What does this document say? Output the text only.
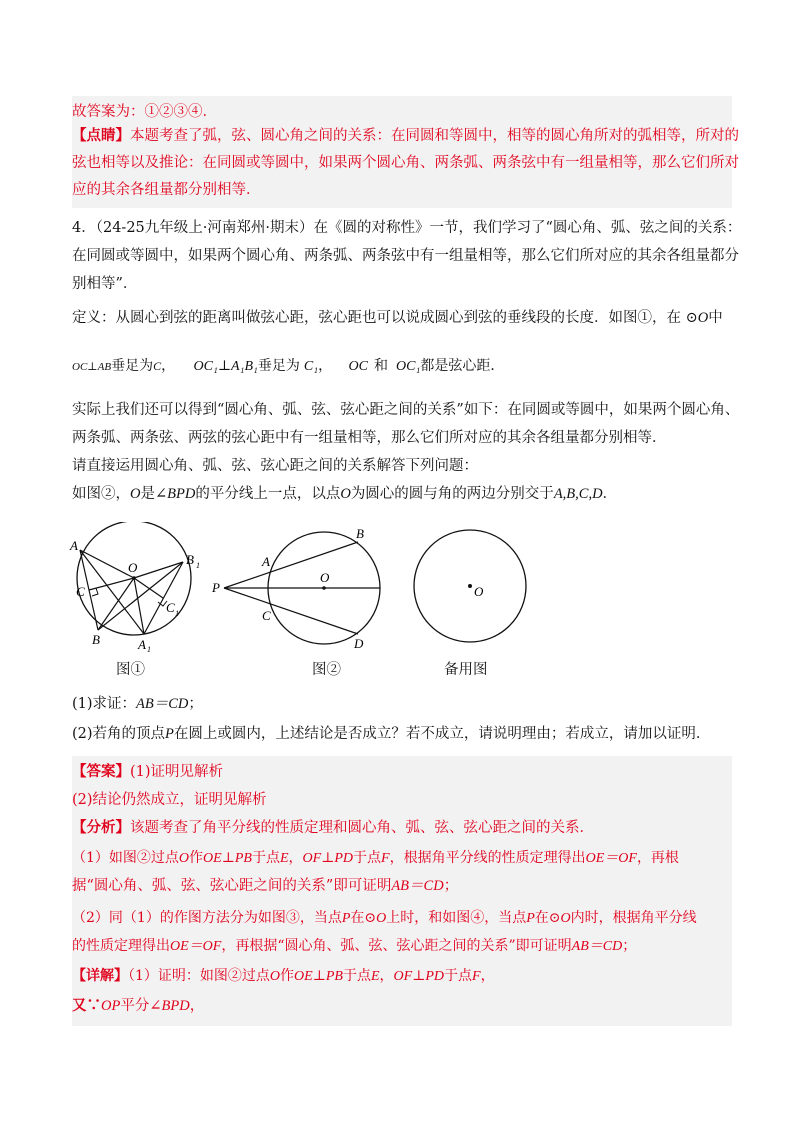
故答案为：①②③④．
【点睛】本题考查了弧，弦、圆心角之间的关系：在同圆和等圆中，相等的圆心角所对的弧相等，所对的
弦也相等以及推论：在同圆或等圆中，如果两个圆心角、两条弧、两条弦中有一组量相等，那么它们所对
应的其余各组量都分别相等．
4．（24-25九年级上·河南郑州·期末）在《圆的对称性》一节，我们学习了“圆心角、弧、弦之间的关系：
在同圆或等圆中，如果两个圆心角、两条弧、两条弦中有一组量相等，那么它们所对应的其余各组量都分
别相等”．
定义：从圆心到弦的距离叫做弦心距，弦心距也可以说成圆心到弦的垂线段的长度．如图①，在 ⊙O中
OC⊥AB垂足为C， OC₁⊥A₁B₁垂足为 C₁， OC 和 OC₁都是弦心距．
实际上我们还可以得到“圆心角、弧、弦、弦心距之间的关系”如下：在同圆或等圆中，如果两个圆心角、
两条弧、两条弦、两弦的弦心距中有一组量相等，那么它们所对应的其余各组量都分别相等．
请直接运用圆心角、弧、弦、弦心距之间的关系解答下列问题：
如图②，O是∠BPD的平分线上一点，以点O为圆心的圆与角的两边分别交于A,B,C,D．
A
C
O
B
B 1
C 1
A 1
图①
P
A
B
C
D
O
图②
O
备用图
(1)求证：AB＝CD；
(2)若角的顶点P在圆上或圆内，上述结论是否成立？若不成立，请说明理由；若成立，请加以证明．
【答案】(1)证明见解析
(2)结论仍然成立，证明见解析
【分析】该题考查了角平分线的性质定理和圆心角、弧、弦、弦心距之间的关系．
（1）如图②过点O作OE⊥PB于点E，OF⊥PD于点F，根据角平分线的性质定理得出OE＝OF，再根
据“圆心角、弧、弦、弦心距之间的关系”即可证明AB＝CD；
（2）同（1）的作图方法分为如图③，当点P在⊙O上时，和如图④，当点P在⊙O内时，根据角平分线
的性质定理得出OE＝OF，再根据“圆心角、弧、弦、弦心距之间的关系”即可证明AB＝CD；
【详解】（1）证明：如图②过点O作OE⊥PB于点E，OF⊥PD于点F，
又∵OP平分∠BPD，
